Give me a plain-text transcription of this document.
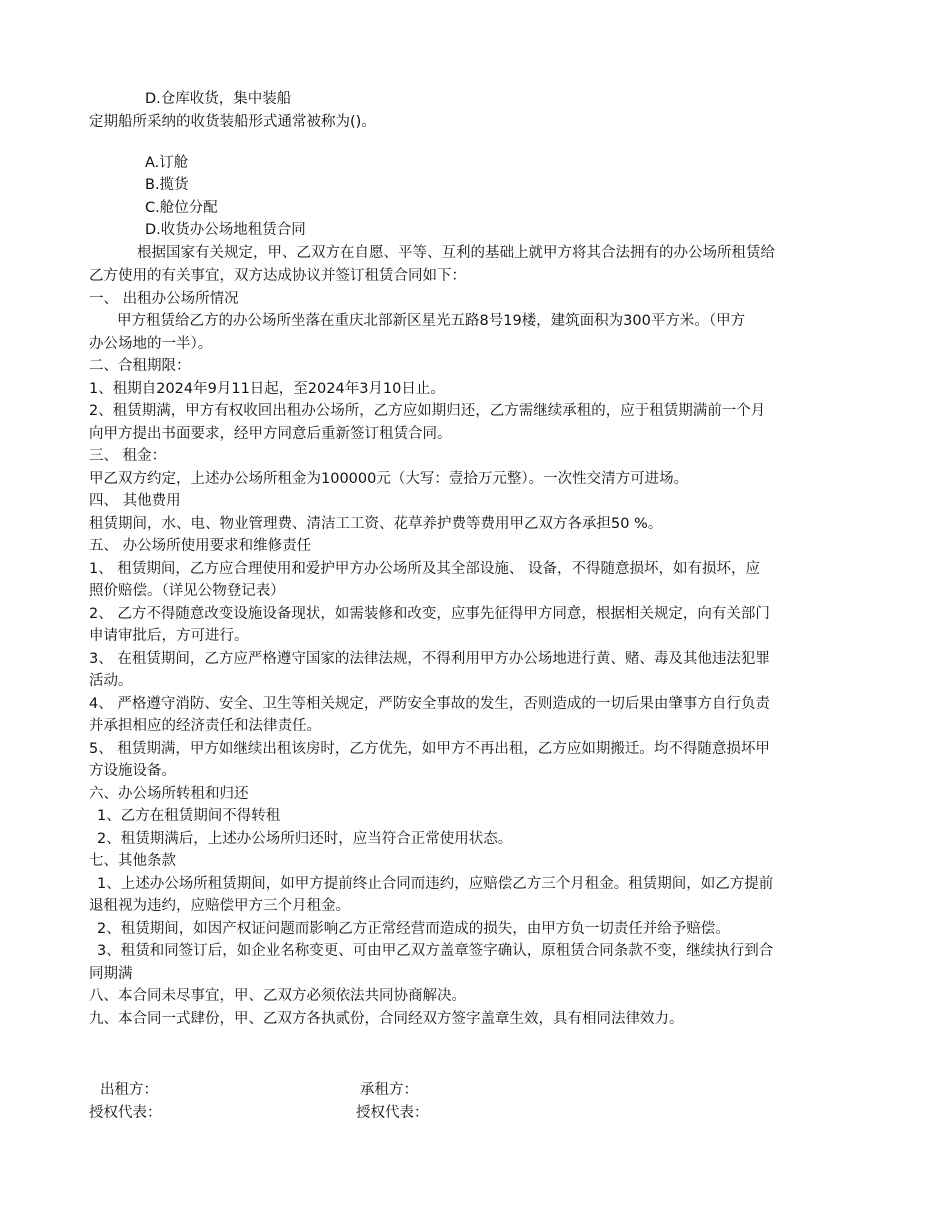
D.仓库收货，集中装船
定期船所采纳的收货装船形式通常被称为()。
A.订舱
B.揽货
C.舱位分配
D.收货办公场地租赁合同
根据国家有关规定，甲、乙双方在自愿、平等、互利的基础上就甲方将其合法拥有的办公场所租赁给
乙方使用的有关事宜，双方达成协议并签订租赁合同如下：
一、 出租办公场所情况
甲方租赁给乙方的办公场所坐落在重庆北部新区星光五路8号19楼，建筑面积为300平方米。（甲方
办公场地的一半）。
二、合租期限：
1、租期自2024年9月11日起，至2024年3月10日止。
2、租赁期满，甲方有权收回出租办公场所，乙方应如期归还，乙方需继续承租的，应于租赁期满前一个月
向甲方提出书面要求，经甲方同意后重新签订租赁合同。
三、 租金：
甲乙双方约定，上述办公场所租金为100000元（大写：壹拾万元整）。一次性交清方可进场。
四、 其他费用
租赁期间，水、电、物业管理费、清洁工工资、花草养护费等费用甲乙双方各承担50 %。
五、 办公场所使用要求和维修责任
1、 租赁期间，乙方应合理使用和爱护甲方办公场所及其全部设施、 设备，不得随意损坏，如有损坏，应
照价赔偿。（详见公物登记表）
2、 乙方不得随意改变设施设备现状，如需装修和改变，应事先征得甲方同意，根据相关规定，向有关部门
申请审批后，方可进行。
3、 在租赁期间，乙方应严格遵守国家的法律法规，不得利用甲方办公场地进行黄、赌、毒及其他违法犯罪
活动。
4、 严格遵守消防、安全、卫生等相关规定，严防安全事故的发生，否则造成的一切后果由肇事方自行负责
并承担相应的经济责任和法律责任。
5、 租赁期满，甲方如继续出租该房时，乙方优先，如甲方不再出租，乙方应如期搬迁。均不得随意损坏甲
方设施设备。
六、办公场所转租和归还
1、乙方在租赁期间不得转租
2、租赁期满后，上述办公场所归还时，应当符合正常使用状态。
七、其他条款
1、上述办公场所租赁期间，如甲方提前终止合同而违约，应赔偿乙方三个月租金。租赁期间，如乙方提前
退租视为违约，应赔偿甲方三个月租金。
2、租赁期间，如因产权证问题而影响乙方正常经营而造成的损失，由甲方负一切责任并给予赔偿。
3、租赁和同签订后，如企业名称变更、可由甲乙双方盖章签字确认，原租赁合同条款不变，继续执行到合
同期满
八、本合同未尽事宜，甲、乙双方必须依法共同协商解决。
九、本合同一式肆份，甲、乙双方各执贰份，合同经双方签字盖章生效，具有相同法律效力。
出租方：	承租方：
授权代表：	授权代表：
